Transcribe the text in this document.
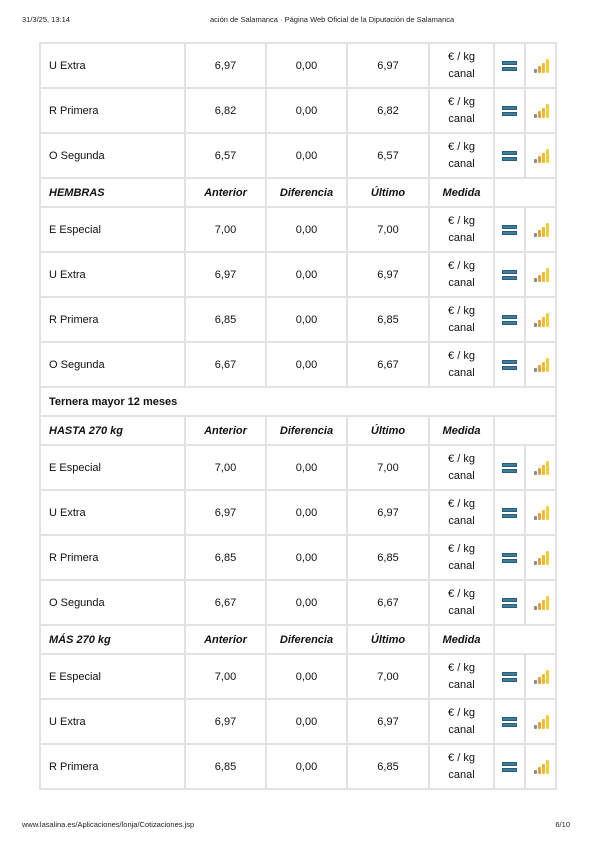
31/3/25, 13:14	ación de Salamanca · Página Web Oficial de la Diputación de Salamanca
U Extra	6,97	0,00	6,97	€ / kg
canal		

R Primera	6,82	0,00	6,82	€ / kg
canal		

O Segunda	6,57	0,00	6,57	€ / kg
canal		

HEMBRAS	Anterior	Diferencia	Último	Medida		
E Especial	7,00	0,00	7,00	€ / kg
canal		

U Extra	6,97	0,00	6,97	€ / kg
canal		

R Primera	6,85	0,00	6,85	€ / kg
canal		

O Segunda	6,67	0,00	6,67	€ / kg
canal		

Ternera mayor 12 meses						
HASTA 270 kg	Anterior	Diferencia	Último	Medida		
E Especial	7,00	0,00	7,00	€ / kg
canal		

U Extra	6,97	0,00	6,97	€ / kg
canal		

R Primera	6,85	0,00	6,85	€ / kg
canal		

O Segunda	6,67	0,00	6,67	€ / kg
canal		

MÁS 270 kg	Anterior	Diferencia	Último	Medida		
E Especial	7,00	0,00	7,00	€ / kg
canal		

U Extra	6,97	0,00	6,97	€ / kg
canal		

R Primera	6,85	0,00	6,85	€ / kg
canal		

www.lasalina.es/Aplicaciones/lonja/Cotizaciones.jsp	6/10
